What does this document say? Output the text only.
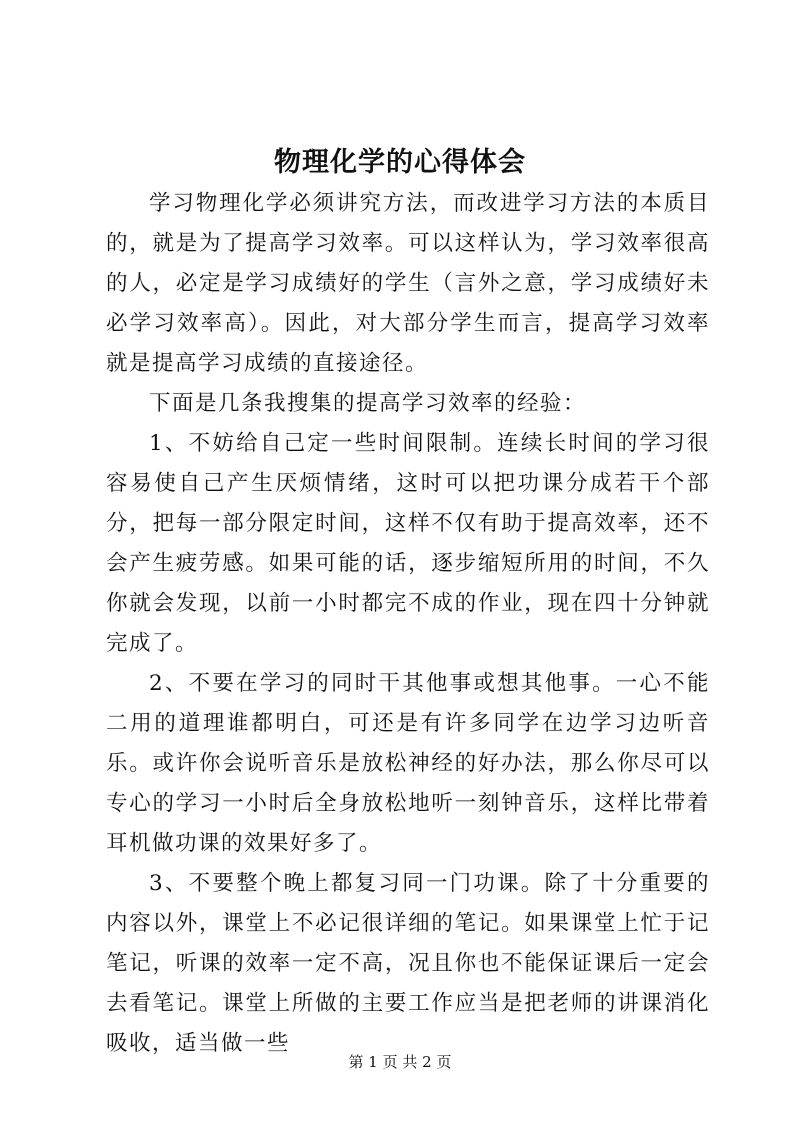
物理化学的心得体会

学习物理化学必须讲究方法，而改进学习方法的本质目的，就是为了提高学习效率。可以这样认为，学习效率很高的人，必定是学习成绩好的学生（言外之意，学习成绩好未必学习效率高）。因此，对大部分学生而言，提高学习效率就是提高学习成绩的直接途径。

下面是几条我搜集的提高学习效率的经验：

1、不妨给自己定一些时间限制。连续长时间的学习很容易使自己产生厌烦情绪，这时可以把功课分成若干个部分，把每一部分限定时间，这样不仅有助于提高效率，还不会产生疲劳感。如果可能的话，逐步缩短所用的时间，不久你就会发现，以前一小时都完不成的作业，现在四十分钟就完成了。

2、不要在学习的同时干其他事或想其他事。一心不能二用的道理谁都明白，可还是有许多同学在边学习边听音乐。或许你会说听音乐是放松神经的好办法，那么你尽可以专心的学习一小时后全身放松地听一刻钟音乐，这样比带着耳机做功课的效果好多了。

3、不要整个晚上都复习同一门功课。除了十分重要的内容以外，课堂上不必记很详细的笔记。如果课堂上忙于记笔记，听课的效率一定不高，况且你也不能保证课后一定会去看笔记。课堂上所做的主要工作应当是把老师的讲课消化吸收，适当做一些

第 1 页 共 2 页
